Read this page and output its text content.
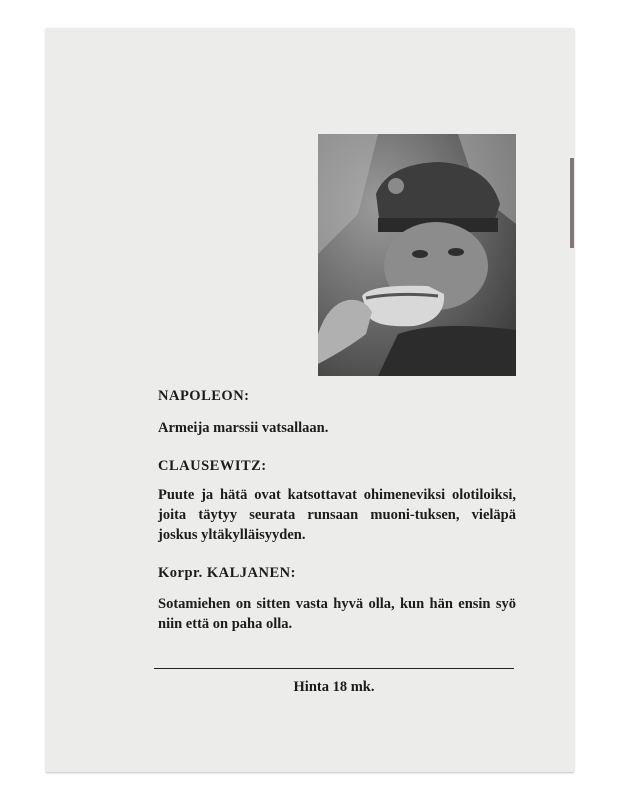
NAPOLEON:
Armeija marssii vatsallaan.
CLAUSEWITZ:
Puute ja hätä ovat katsottavat ohimeneviksi olotiloiksi, joita täytyy seurata runsaan muoni-tuksen, vieläpä joskus yltäkylläisyyden.
Korpr. KALJANEN:
Sotamiehen on sitten vasta hyvä olla, kun hän ensin syö niin että on paha olla.
Hinta 18 mk.
